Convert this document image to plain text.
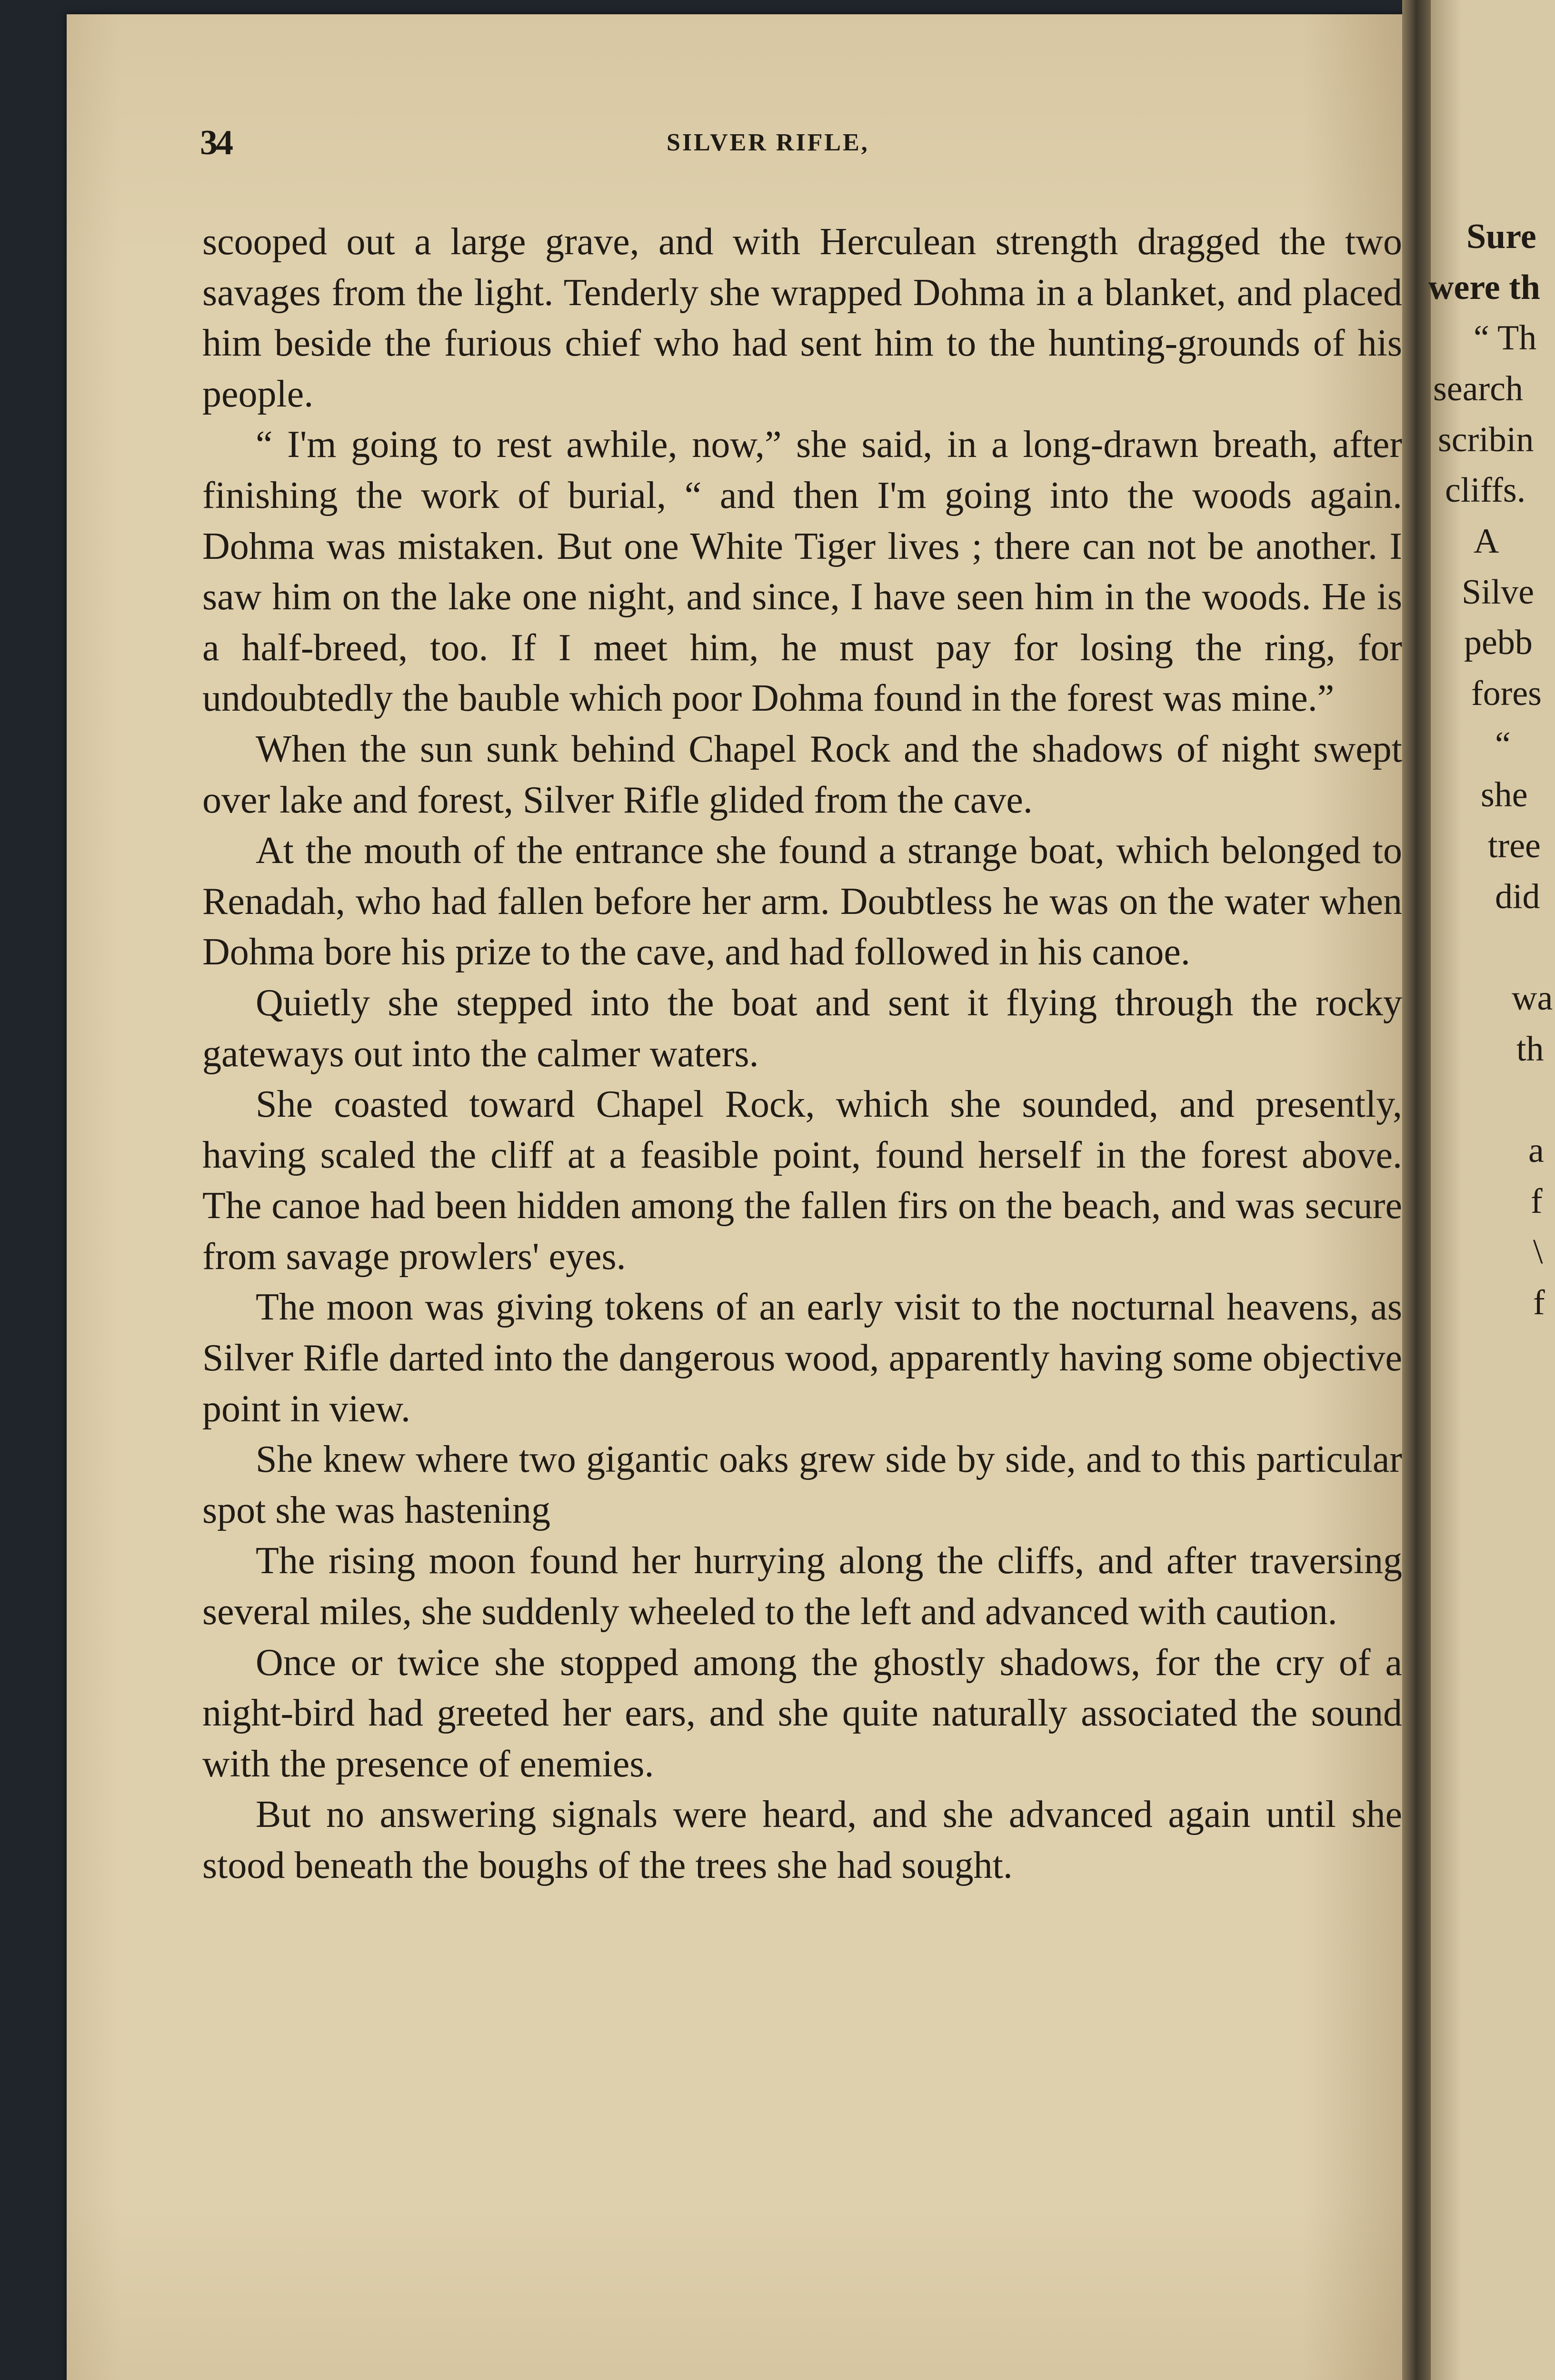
34	SILVER RIFLE,

scooped out a large grave, and with Herculean strength dragged the two savages from the light. Tenderly she wrapped Dohma in a blanket, and placed him beside the furious chief who had sent him to the hunting-grounds of his people.

“ I'm going to rest awhile, now,” she said, in a long-drawn breath, after finishing the work of burial, “ and then I'm going into the woods again. Dohma was mistaken. But one White Tiger lives ; there can not be another. I saw him on the lake one night, and since, I have seen him in the woods. He is a half-breed, too. If I meet him, he must pay for losing the ring, for undoubtedly the bauble which poor Dohma found in the forest was mine.”

When the sun sunk behind Chapel Rock and the shadows of night swept over lake and forest, Silver Rifle glided from the cave.

At the mouth of the entrance she found a strange boat, which belonged to Renadah, who had fallen before her arm. Doubtless he was on the water when Dohma bore his prize to the cave, and had followed in his canoe.

Quietly she stepped into the boat and sent it flying through the rocky gateways out into the calmer waters.

She coasted toward Chapel Rock, which she sounded, and presently, having scaled the cliff at a feasible point, found herself in the forest above. The canoe had been hidden among the fallen firs on the beach, and was secure from savage prowlers' eyes.

The moon was giving tokens of an early visit to the nocturnal heavens, as Silver Rifle darted into the dangerous wood, apparently having some objective point in view.

She knew where two gigantic oaks grew side by side, and to this particular spot she was hastening

The rising moon found her hurrying along the cliffs, and after traversing several miles, she suddenly wheeled to the left and advanced with caution.

Once or twice she stopped among the ghostly shadows, for the cry of a night-bird had greeted her ears, and she quite naturally associated the sound with the presence of enemies.

But no answering signals were heard, and she advanced again until she stood beneath the boughs of the trees she had sought.

Sure
were th
“ Th
search
scribin
cliffs.
A
Silve
pebb
fores
“
she
tree
did
wa
th
a
f
\
f
